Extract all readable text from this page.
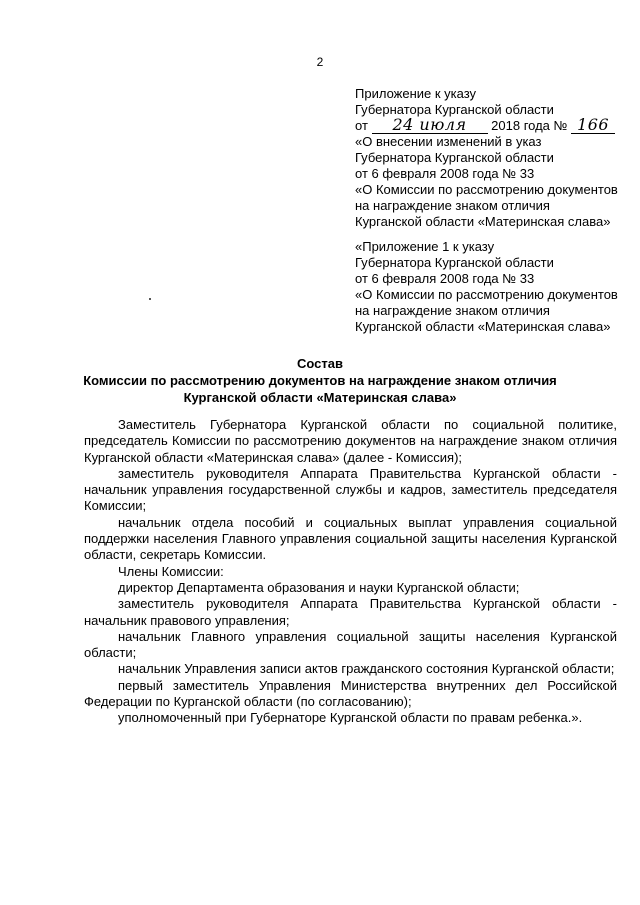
2
Приложение к указу
Губернатора Курганской области
от 24 июля 2018 года № 166
«О внесении изменений в указ
Губернатора Курганской области
от 6 февраля 2008 года № 33
«О Комиссии по рассмотрению документов
на награждение знаком отличия
Курганской области «Материнская слава»
«Приложение 1 к указу
Губернатора Курганской области
от 6 февраля 2008 года № 33
«О Комиссии по рассмотрению документов
на награждение знаком отличия
Курганской области «Материнская слава»
Состав
Комиссии по рассмотрению документов на награждение знаком отличия
Курганской области «Материнская слава»

Заместитель Губернатора Курганской области по социальной политике, председатель Комиссии по рассмотрению документов на награждение знаком отличия Курганской области «Материнская слава» (далее - Комиссия);

заместитель руководителя Аппарата Правительства Курганской области - начальник управления государственной службы и кадров, заместитель председателя Комиссии;

начальник отдела пособий и социальных выплат управления социальной поддержки населения Главного управления социальной защиты населения Курганской области, секретарь Комиссии.

Члены Комиссии:

директор Департамента образования и науки Курганской области;

заместитель руководителя Аппарата Правительства Курганской области - начальник правового управления;

начальник Главного управления социальной защиты населения Курганской области;

начальник Управления записи актов гражданского состояния Курганской области;

первый заместитель Управления Министерства внутренних дел Российской Федерации по Курганской области (по согласованию);

уполномоченный при Губернаторе Курганской области по правам ребенка.».
